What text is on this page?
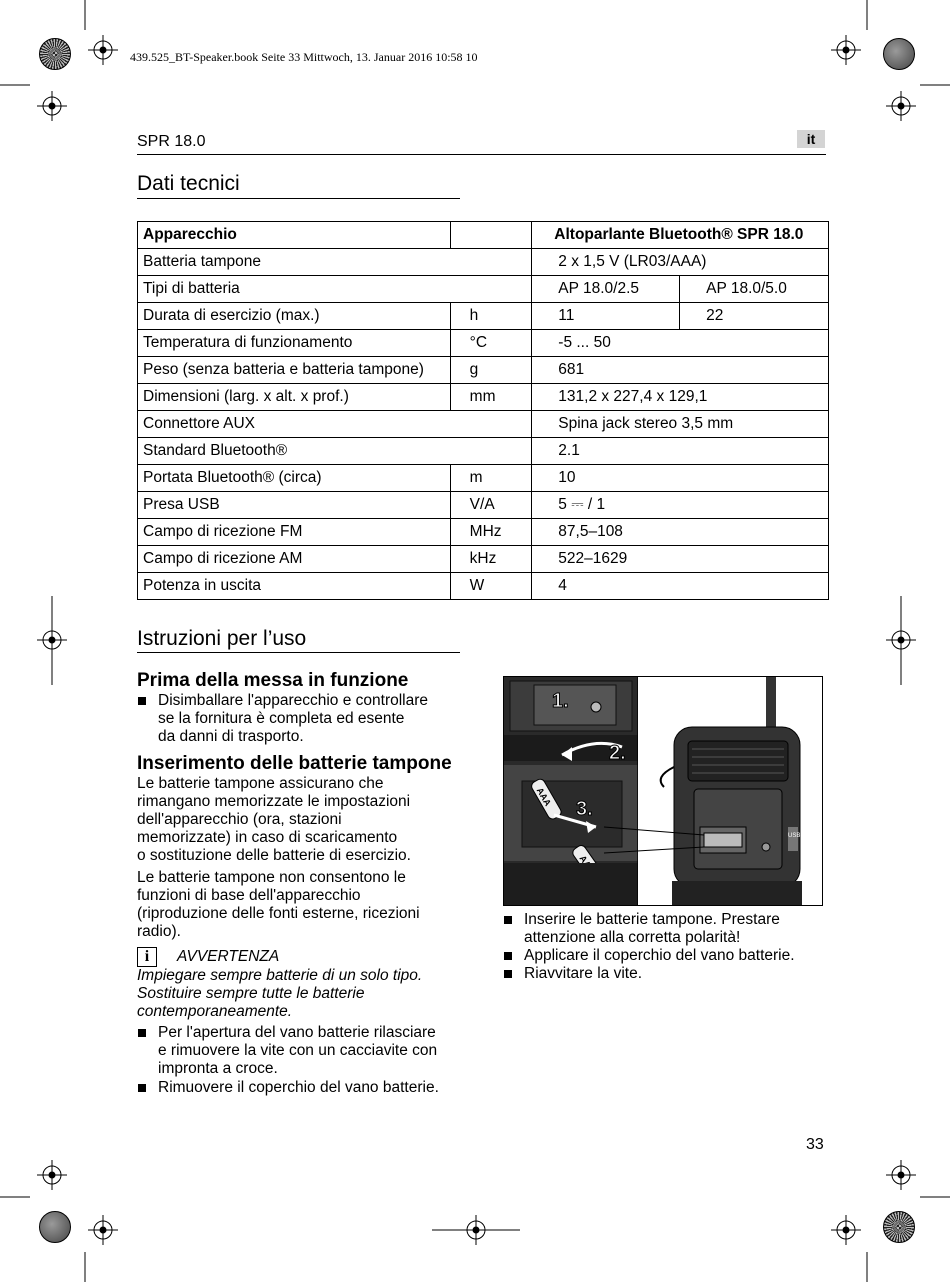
439.525_BT-Speaker.book Seite 33 Mittwoch, 13. Januar 2016 10:58 10
SPR 18.0	it
Dati tecnici
Apparecchio		Altoparlante Bluetooth® SPR 18.0	
Batteria tampone		2 x 1,5 V (LR03/AAA)	
Tipi di batteria		AP 18.0/2.5	AP 18.0/5.0
Durata di esercizio (max.)	h	11	22
Temperatura di funzionamento	°C	-5 ... 50	
Peso (senza batteria e batteria tampone)	g	681	
Dimensioni (larg. x alt. x prof.)	mm	131,2 x 227,4 x 129,1	
Connettore AUX		Spina jack stereo 3,5 mm	
Standard Bluetooth®		2.1	
Portata Bluetooth® (circa)	m	10	
Presa USB	V/A	5 ⎓ / 1	
Campo di ricezione FM	MHz	87,5–108	
Campo di ricezione AM	kHz	522–1629	
Potenza in uscita	W	4	
Istruzioni per l’uso
Prima della messa in funzione
Disimballare l'apparecchio e controllare
se la fornitura è completa ed esente
da danni di trasporto.
Inserimento delle batterie tampone

Le batterie tampone assicurano che
rimangano memorizzate le impostazioni
dell'apparecchio (ora, stazioni
memorizzate) in caso di scaricamento
o sostituzione delle batterie di esercizio.

Le batterie tampone non consentono le
funzioni di base dell'apparecchio
(riproduzione delle fonti esterne, ricezioni
radio).

i	AVVERTENZA

Impiegare sempre batterie di un solo tipo.
Sostituire sempre tutte le batterie
contemporaneamente.

Per l'apertura del vano batterie rilasciare
e rimuovere la vite con un cacciavite con
impronta a croce.
Rimuovere il coperchio del vano batterie.
AAA
1.
2.
3.
USB
Inserire le batterie tampone. Prestare
attenzione alla corretta polarità!
Applicare il coperchio del vano batterie.
Riavvitare la vite.
33
